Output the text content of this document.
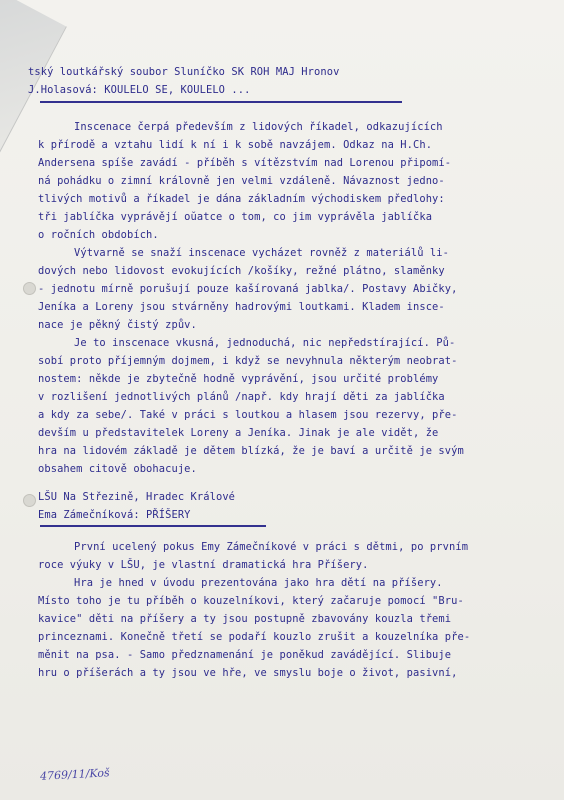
tský loutkářský soubor Sluníčko SK ROH MAJ Hronov
J.Holasová: KOULELO SE, KOULELO ...
Inscenace čerpá především z lidových říkadel, odkazujících
k přírodě a vztahu lidí k ní i k sobě navzájem. Odkaz na H.Ch.
Andersena spíše zavádí - příběh s vítězstvím nad Lorenou připomí-
ná pohádku o zimní královně jen velmi vzdáleně. Návaznost jedno-
tlivých motivů a říkadel je dána základním východiskem předlohy:
tři jablíčka vyprávějí oŭatce o tom, co jim vyprávěla jablíčka
o ročních obdobích.
Výtvarně se snaží inscenace vycházet rovněž z materiálů li-
dových nebo lidovost evokujících /košíky, režné plátno, slaměnky
- jednotu mírně porušují pouze kašírovaná jablka/. Postavy Abičky,
Jeníka a Loreny jsou stvárněny hadrovými loutkami. Kladem insce-
nace je pěkný čistý způv.
Je to inscenace vkusná, jednoduchá, nic nepředstírající. Pů-
sobí proto příjemným dojmem, i když se nevyhnula některým neobrat-
nostem: někde je zbytečně hodně vyprávění, jsou určité problémy
v rozlišení jednotlivých plánů /např. kdy hrají děti za jablíčka
a kdy za sebe/. Také v práci s loutkou a hlasem jsou rezervy, pře-
devším u představitelek Loreny a Jeníka. Jinak je ale vidět, že
hra na lidovém základě je dětem blízká, že je baví a určitě je svým
obsahem citově obohacuje.
LŠU Na Střezině, Hradec Králové
Ema Zámečníková: PŘÍŠERY
První ucelený pokus Emy Zámečníkové v práci s dětmi, po prvním
roce výuky v LŠU, je vlastní dramatická hra Příšery.
Hra je hned v úvodu prezentována jako hra dětí na příšery.
Místo toho je tu příběh o kouzelníkovi, který začaruje pomocí "Bru-
kavice" děti na příšery a ty jsou postupně zbavovány kouzla třemi
princeznami. Konečně třetí se podaří kouzlo zrušit a kouzelníka pře-
měnit na psa. - Samo předznamenání je poněkud zavádějící. Slibuje
hru o příšerách a ty jsou ve hře, ve smyslu boje o život, pasivní,
4769/11/Koš
